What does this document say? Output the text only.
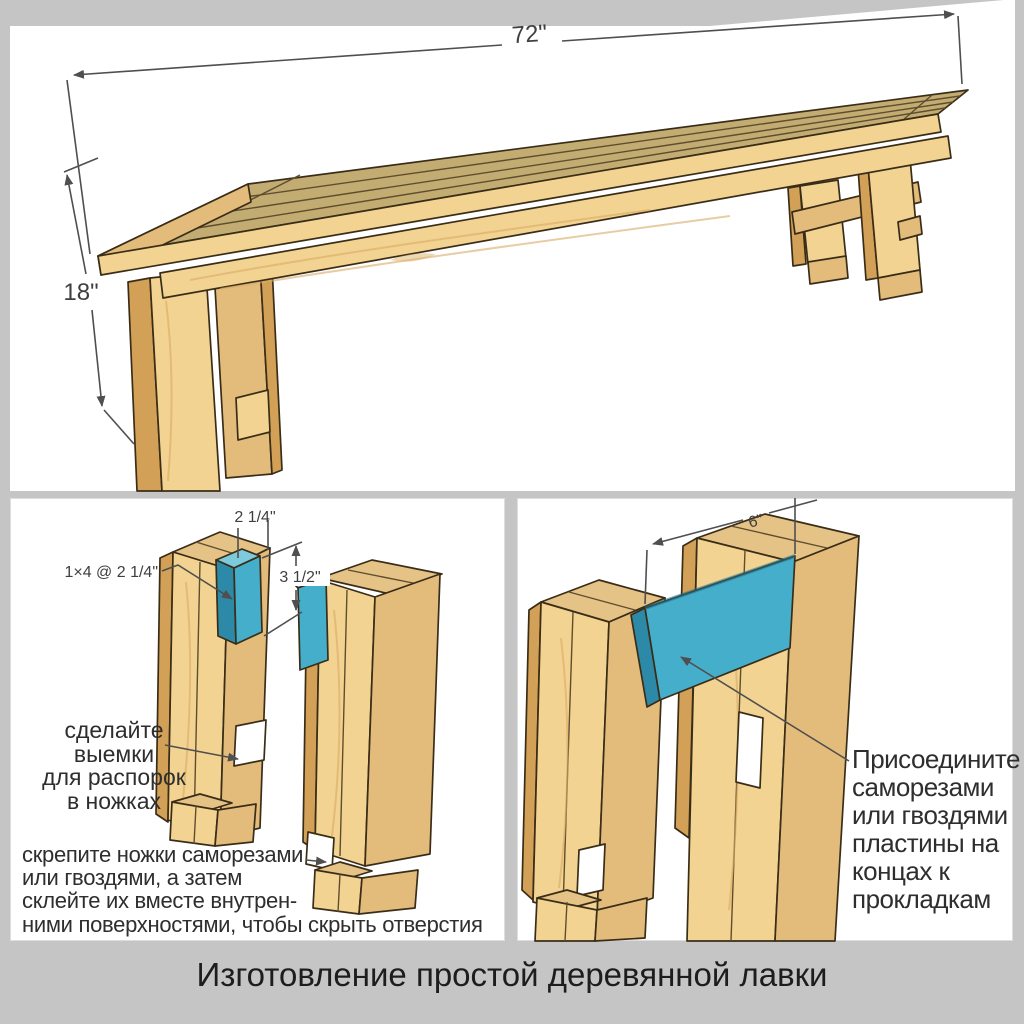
72"
18"
2 1/4"
3 1/2"
1×4 @ 2 1/4"
сделайте
выемки
для распорок
в ножках
скрепите ножки саморезами
или гвоздями, а затем
склейте их вместе внутрен-
ними поверхностями, чтобы скрыть отверстия
6"
Присоедините
саморезами
или гвоздями
пластины на
концах к
прокладкам
Изготовление простой деревянной лавки
